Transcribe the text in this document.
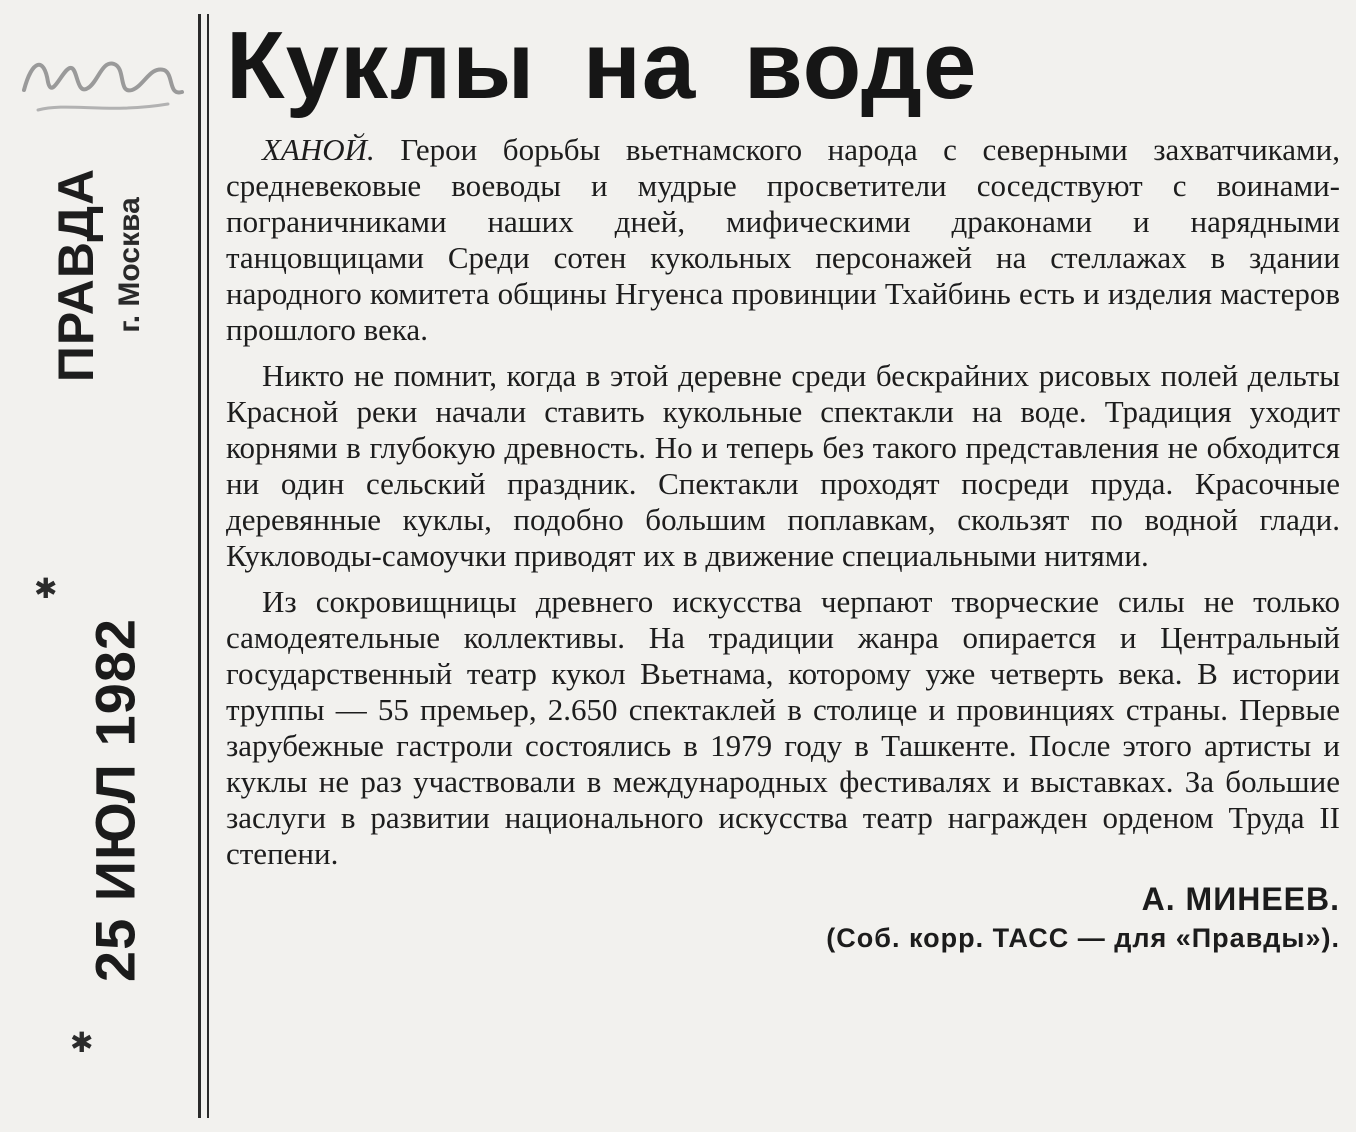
ПРАВДА г. Москва
✱
25 ИЮЛ 1982
✱
Куклы на воде

ХАНОЙ. Герои борьбы вьетнамского народа с северными захватчиками, средневековые воеводы и мудрые просветители соседствуют с воинами-пограничниками наших дней, мифическими драконами и нарядными танцовщицами Среди сотен кукольных персонажей на стеллажах в здании народного комитета общины Нгуенса провинции Тхайбинь есть и изделия мастеров прошлого века.

Никто не помнит, когда в этой деревне среди бескрайних рисовых полей дельты Красной реки начали ставить кукольные спектакли на воде. Традиция уходит корнями в глубокую древность. Но и теперь без такого представления не обходится ни один сельский праздник. Спектакли проходят посреди пруда. Красочные деревянные куклы, подобно большим поплавкам, скользят по водной глади. Кукловоды-самоучки приводят их в движение специальными нитями.

Из сокровищницы древнего искусства черпают творческие силы не только самодеятельные коллективы. На традиции жанра опирается и Центральный государственный театр кукол Вьетнама, которому уже четверть века. В истории труппы — 55 премьер, 2.650 спектаклей в столице и провинциях страны. Первые зарубежные гастроли состоялись в 1979 году в Ташкенте. После этого артисты и куклы не раз участвовали в международных фестивалях и выставках. За большие заслуги в развитии национального искусства театр награжден орденом Труда II степени.

А. МИНЕЕВ.
(Соб. корр. ТАСС — для «Правды»).
